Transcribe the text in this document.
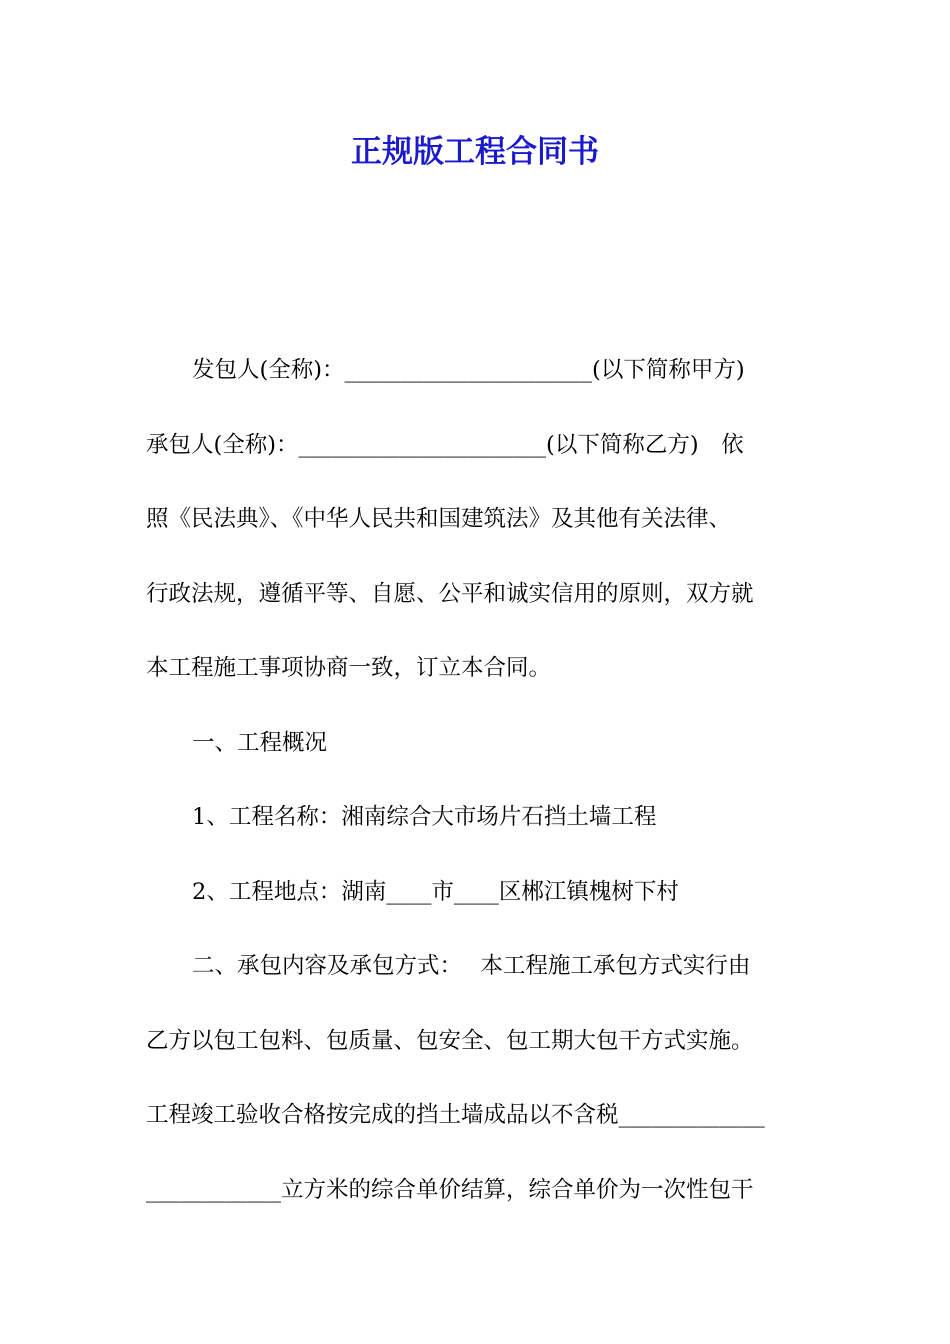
正规版工程合同书
发包人(全称)：______________________(以下简称甲方)
承包人(全称)：______________________(以下简称乙方)　依
照《民法典》、《中华人民共和国建筑法》及其他有关法律、
行政法规，遵循平等、自愿、公平和诚实信用的原则，双方就
本工程施工事项协商一致，订立本合同。
一、工程概况
1、工程名称：湘南综合大市场片石挡土墙工程
2、工程地点：湖南____市____区郴江镇槐树下村
二、承包内容及承包方式：　 本工程施工承包方式实行由
乙方以包工包料、包质量、包安全、包工期大包干方式实施。
工程竣工验收合格按完成的挡土墙成品以不含税_____________
____________立方米的综合单价结算，综合单价为一次性包干
